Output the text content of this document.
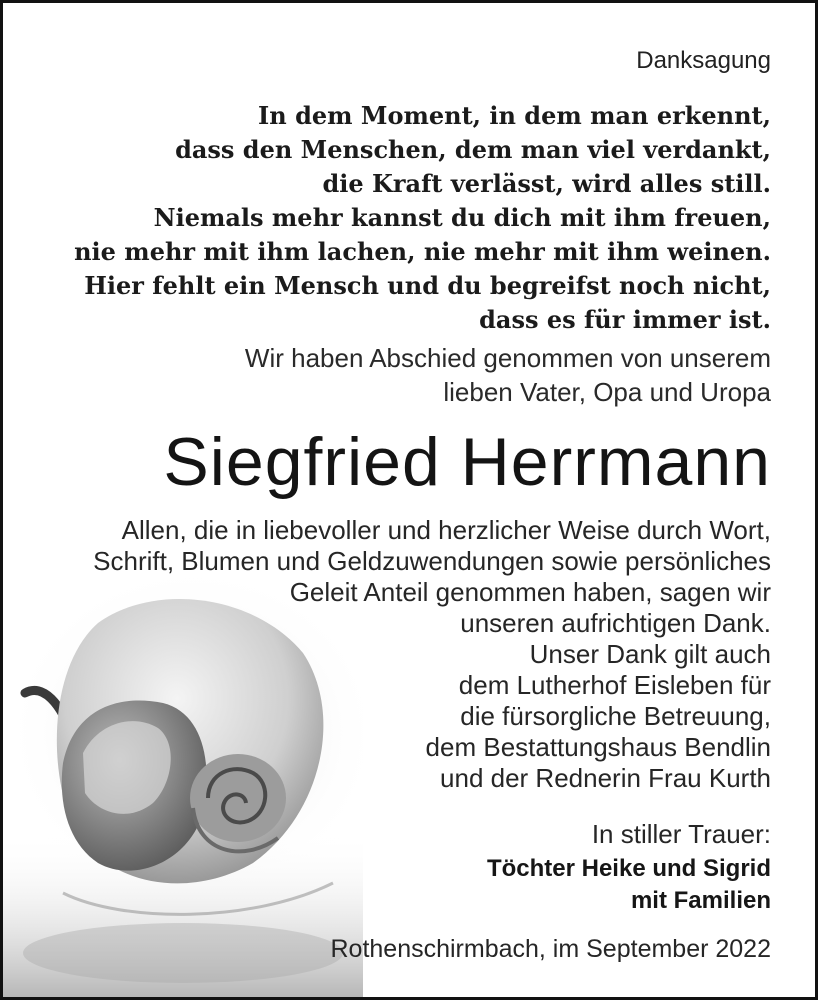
Danksagung
In dem Moment, in dem man erkennt,
dass den Menschen, dem man viel verdankt,
die Kraft verlässt, wird alles still.
Niemals mehr kannst du dich mit ihm freuen,
nie mehr mit ihm lachen, nie mehr mit ihm weinen.
Hier fehlt ein Mensch und du begreifst noch nicht,
dass es für immer ist.
Wir haben Abschied genommen von unserem
lieben Vater, Opa und Uropa
Siegfried Herrmann
Allen, die in liebevoller und herzlicher Weise durch Wort,
Schrift, Blumen und Geldzuwendungen sowie persönliches
Geleit Anteil genommen haben, sagen wir
unseren aufrichtigen Dank.
Unser Dank gilt auch
dem Lutherhof Eisleben für
die fürsorgliche Betreuung,
dem Bestattungshaus Bendlin
und der Rednerin Frau Kurth
In stiller Trauer:
Töchter Heike und Sigrid
mit Familien
Rothenschirmbach, im September 2022
